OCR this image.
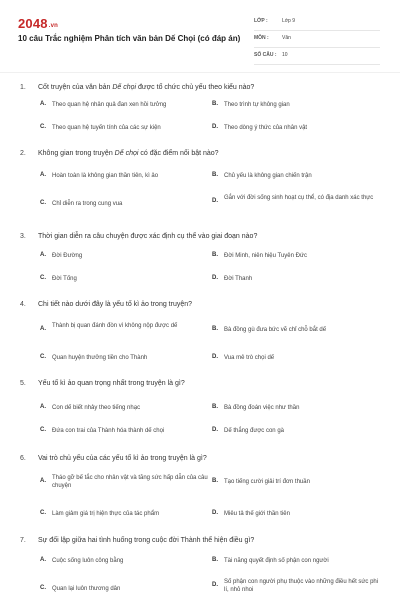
2048.vn
10 câu Trắc nghiệm Phân tích văn bản Dế Chọi (có đáp án)
LỚP :	Lớp 9
MÔN :	Văn
SỐ CÂU : 10
1. Cốt truyện của văn bản Dế chọi được tổ chức chủ yếu theo kiểu nào?
A.	Theo quan hệ nhân quả đan xen hồi tưởng	B.	Theo trình tự không gian
C.	Theo quan hệ tuyến tính của các sự kiện	D.	Theo dòng ý thức của nhân vật
2. Không gian trong truyện Dế chọi có đặc điểm nổi bật nào?
A.	Hoàn toàn là không gian thần tiên, kì ảo	B.	Chủ yếu là không gian chiến trận
C.	Chỉ diễn ra trong cung vua	D.	Gắn với đời sống sinh hoạt cụ thể, có địa danh xác thực
3. Thời gian diễn ra câu chuyện được xác định cụ thể vào giai đoạn nào?
A.	Đời Đường	B.	Đời Minh, niên hiệu Tuyên Đức
C.	Đời Tống	D.	Đời Thanh
4. Chi tiết nào dưới đây là yếu tố kì ảo trong truyện?
A.	Thành bị quan đánh đòn vì không nộp được dế	B.	Bà đồng gù đưa bức vẽ chỉ chỗ bắt dế
C.	Quan huyện thưởng tiền cho Thành	D.	Vua mê trò chọi dế
5. Yếu tố kì ảo quan trọng nhất trong truyện là gì?
A.	Con dế biết nhảy theo tiếng nhạc	B.	Bà đồng đoán việc như thần
C.	Đứa con trai của Thành hóa thành dế chọi	D.	Dế thắng được con gà
6. Vai trò chủ yếu của các yếu tố kì ảo trong truyện là gì?
A.	Tháo gỡ bế tắc cho nhân vật và tăng sức hấp dẫn của câu chuyện
B.	Tạo tiếng cười giải trí đơn thuần
C.	Làm giảm giá trị hiện thực của tác phẩm	D.	Miêu tả thế giới thần tiên
7. Sự đối lập giữa hai tình huống trong cuộc đời Thành thể hiện điều gì?
A.	Cuộc sống luôn công bằng	B.	Tài năng quyết định số phận con người
C.	Quan lại luôn thương dân
D.	Số phận con người phụ thuộc vào những điều hết sức phi lí, nhỏ nhoi
